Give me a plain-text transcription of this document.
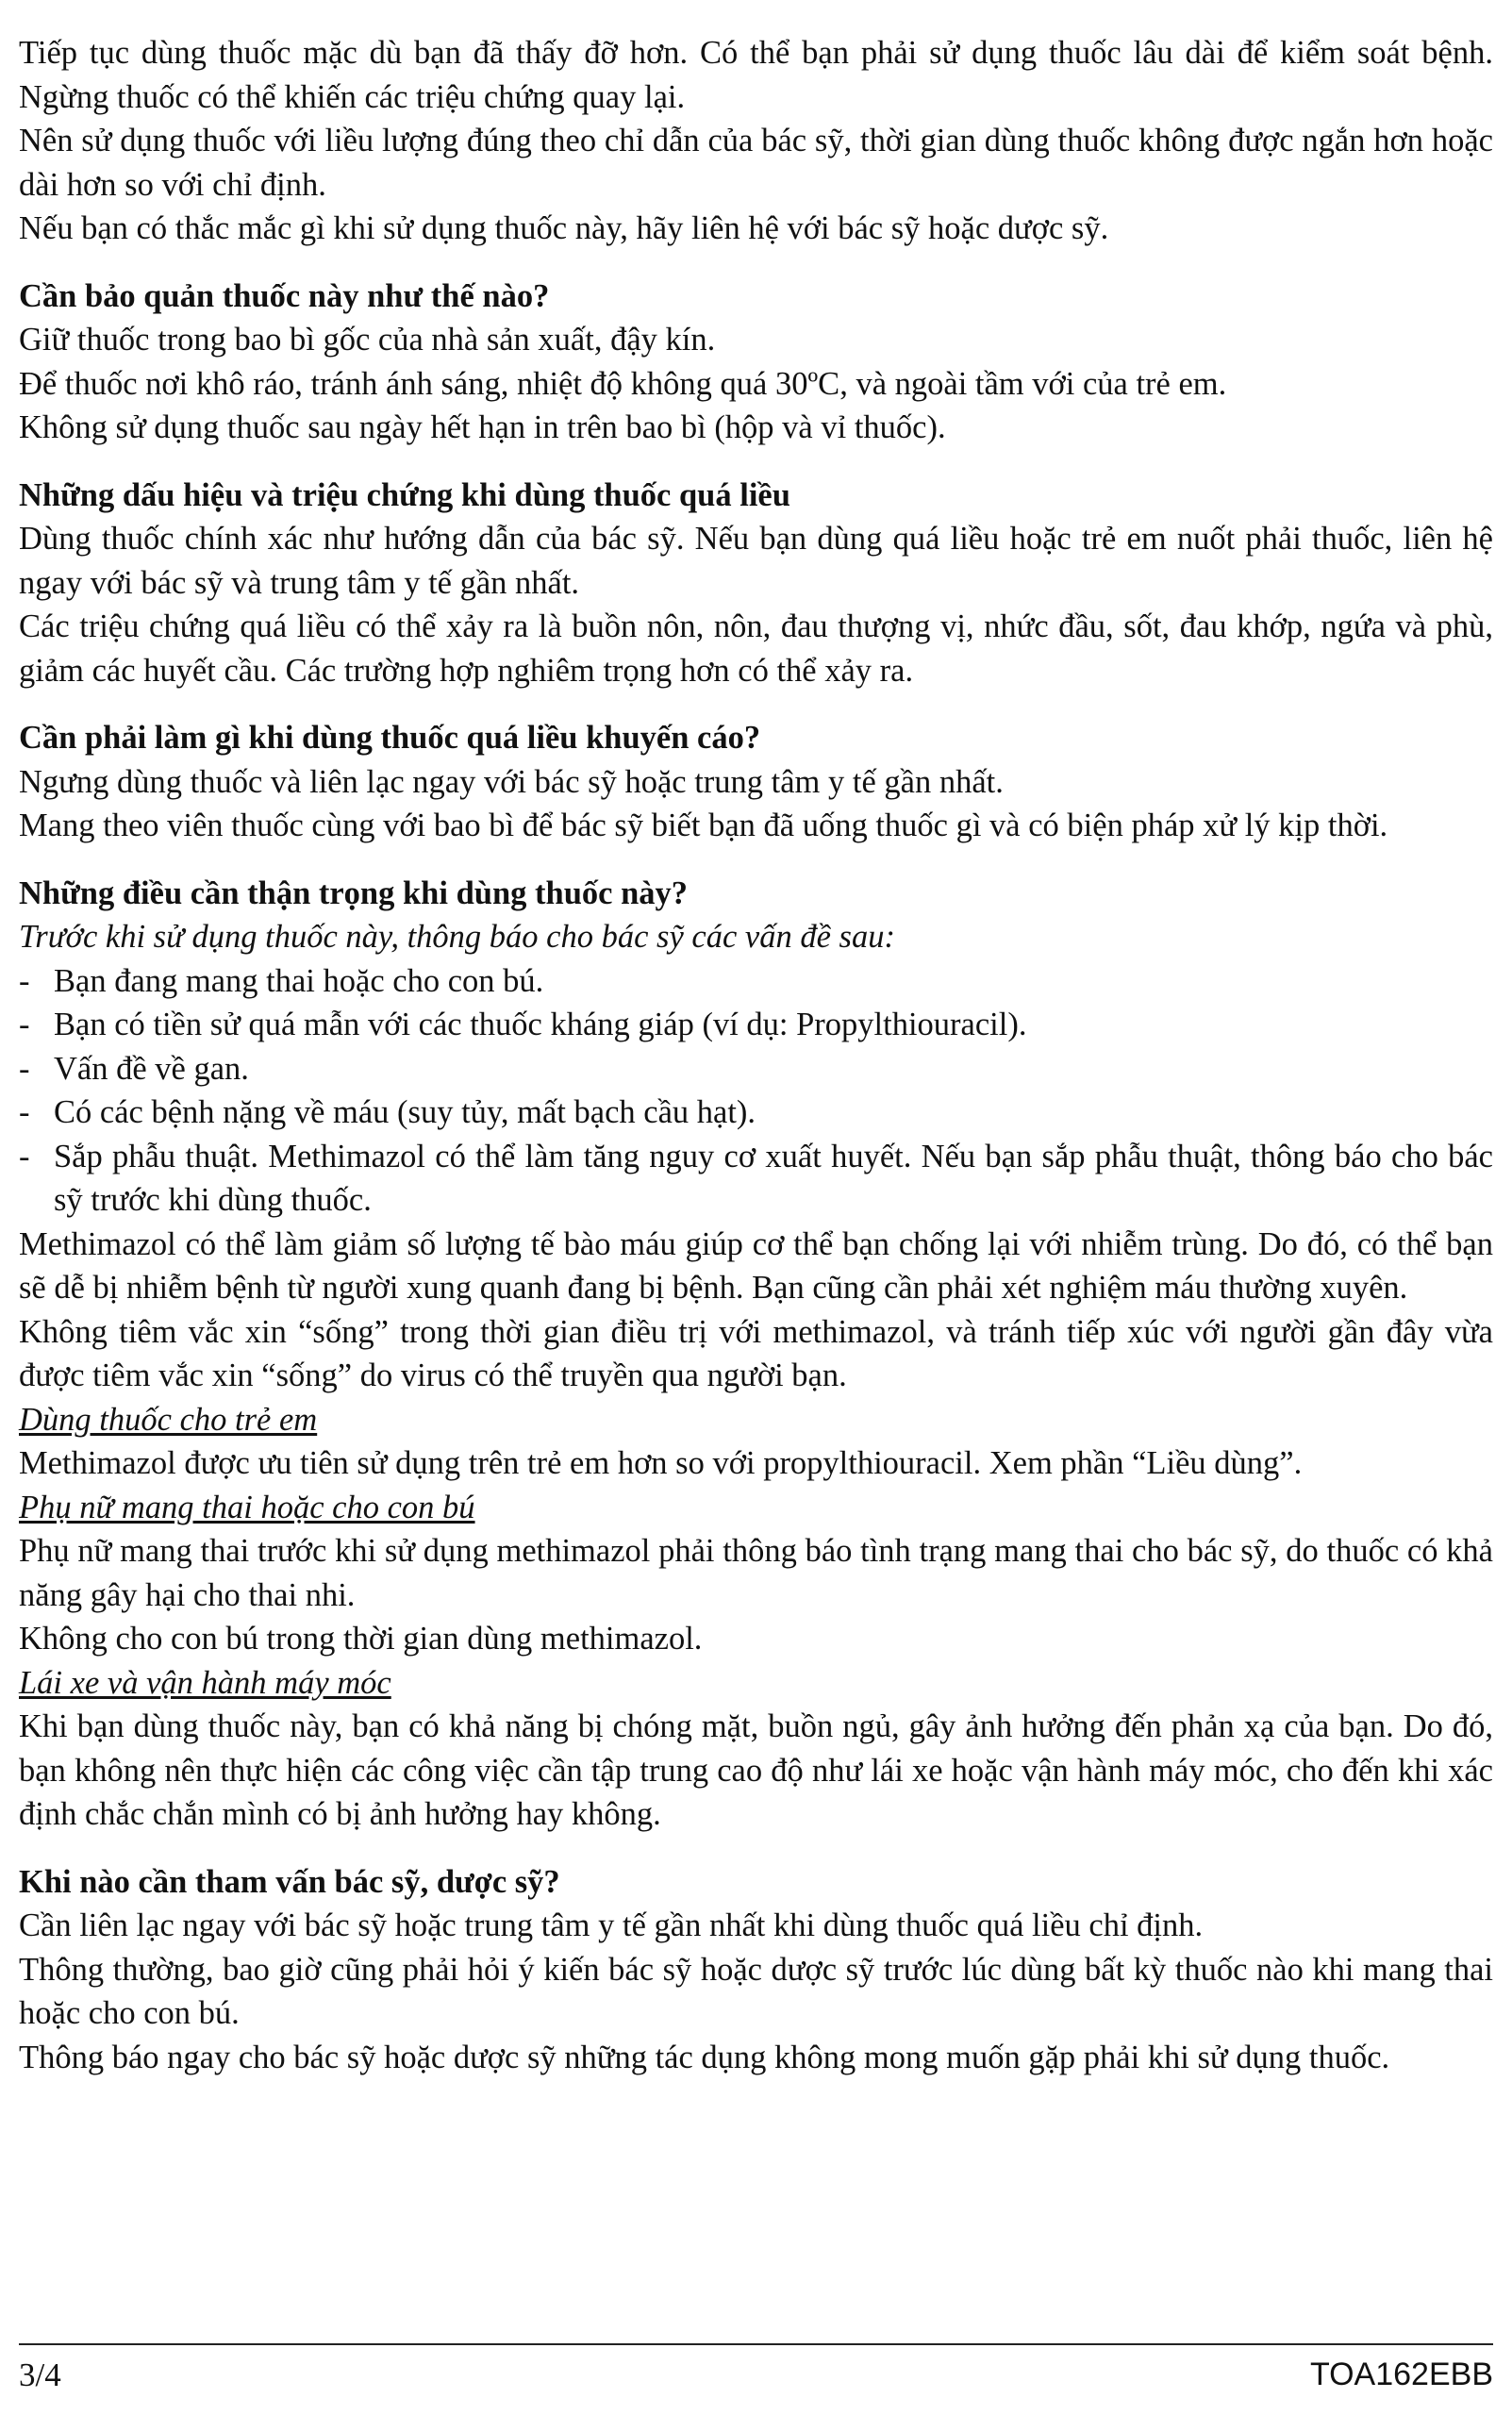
Tiếp tục dùng thuốc mặc dù bạn đã thấy đỡ hơn. Có thể bạn phải sử dụng thuốc lâu dài để kiểm soát bệnh. Ngừng thuốc có thể khiến các triệu chứng quay lại.

Nên sử dụng thuốc với liều lượng đúng theo chỉ dẫn của bác sỹ, thời gian dùng thuốc không được ngắn hơn hoặc dài hơn so với chỉ định.

Nếu bạn có thắc mắc gì khi sử dụng thuốc này, hãy liên hệ với bác sỹ hoặc dược sỹ.

Cần bảo quản thuốc này như thế nào?

Giữ thuốc trong bao bì gốc của nhà sản xuất, đậy kín.

Để thuốc nơi khô ráo, tránh ánh sáng, nhiệt độ không quá 30ºC, và ngoài tầm với của trẻ em.

Không sử dụng thuốc sau ngày hết hạn in trên bao bì (hộp và vỉ thuốc).

Những dấu hiệu và triệu chứng khi dùng thuốc quá liều

Dùng thuốc chính xác như hướng dẫn của bác sỹ. Nếu bạn dùng quá liều hoặc trẻ em nuốt phải thuốc, liên hệ ngay với bác sỹ và trung tâm y tế gần nhất.

Các triệu chứng quá liều có thể xảy ra là buồn nôn, nôn, đau thượng vị, nhức đầu, sốt, đau khớp, ngứa và phù, giảm các huyết cầu. Các trường hợp nghiêm trọng hơn có thể xảy ra.

Cần phải làm gì khi dùng thuốc quá liều khuyến cáo?

Ngưng dùng thuốc và liên lạc ngay với bác sỹ hoặc trung tâm y tế gần nhất.

Mang theo viên thuốc cùng với bao bì để bác sỹ biết bạn đã uống thuốc gì và có biện pháp xử lý kịp thời.

Những điều cần thận trọng khi dùng thuốc này?

Trước khi sử dụng thuốc này, thông báo cho bác sỹ các vấn đề sau:

- Bạn đang mang thai hoặc cho con bú.
- Bạn có tiền sử quá mẫn với các thuốc kháng giáp (ví dụ: Propylthiouracil).
- Vấn đề về gan.
- Có các bệnh nặng về máu (suy tủy, mất bạch cầu hạt).
- Sắp phẫu thuật. Methimazol có thể làm tăng nguy cơ xuất huyết. Nếu bạn sắp phẫu thuật, thông báo cho bác sỹ trước khi dùng thuốc.

Methimazol có thể làm giảm số lượng tế bào máu giúp cơ thể bạn chống lại với nhiễm trùng. Do đó, có thể bạn sẽ dễ bị nhiễm bệnh từ người xung quanh đang bị bệnh. Bạn cũng cần phải xét nghiệm máu thường xuyên.

Không tiêm vắc xin “sống” trong thời gian điều trị với methimazol, và tránh tiếp xúc với người gần đây vừa được tiêm vắc xin “sống” do virus có thể truyền qua người bạn.

Dùng thuốc cho trẻ em

Methimazol được ưu tiên sử dụng trên trẻ em hơn so với propylthiouracil. Xem phần “Liều dùng”.

Phụ nữ mang thai hoặc cho con bú

Phụ nữ mang thai trước khi sử dụng methimazol phải thông báo tình trạng mang thai cho bác sỹ, do thuốc có khả năng gây hại cho thai nhi.

Không cho con bú trong thời gian dùng methimazol.

Lái xe và vận hành máy móc

Khi bạn dùng thuốc này, bạn có khả năng bị chóng mặt, buồn ngủ, gây ảnh hưởng đến phản xạ của bạn. Do đó, bạn không nên thực hiện các công việc cần tập trung cao độ như lái xe hoặc vận hành máy móc, cho đến khi xác định chắc chắn mình có bị ảnh hưởng hay không.

Khi nào cần tham vấn bác sỹ, dược sỹ?

Cần liên lạc ngay với bác sỹ hoặc trung tâm y tế gần nhất khi dùng thuốc quá liều chỉ định.

Thông thường, bao giờ cũng phải hỏi ý kiến bác sỹ hoặc dược sỹ trước lúc dùng bất kỳ thuốc nào khi mang thai hoặc cho con bú.

Thông báo ngay cho bác sỹ hoặc dược sỹ những tác dụng không mong muốn gặp phải khi sử dụng thuốc.

3/4	TOA162EBB
